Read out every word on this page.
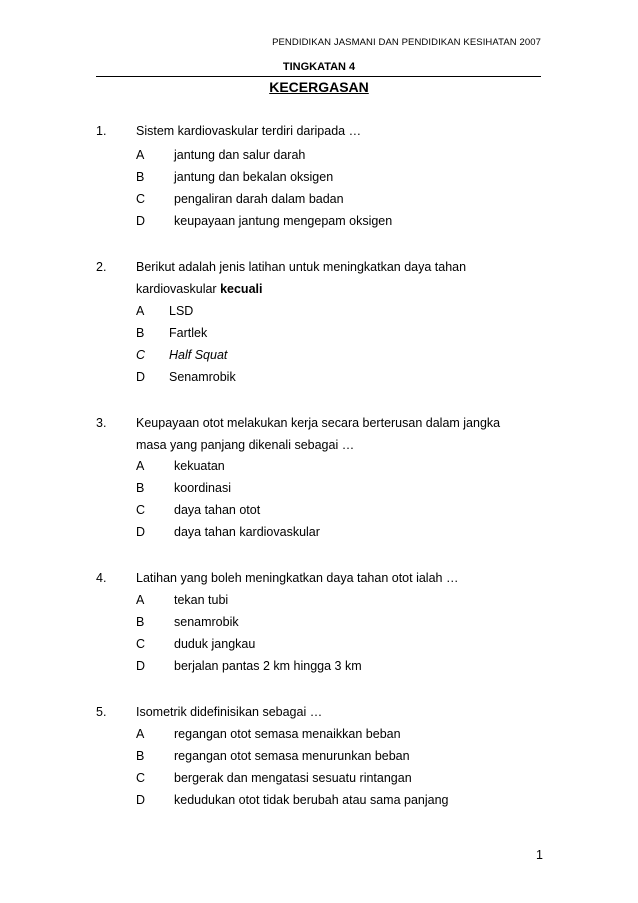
PENDIDIKAN JASMANI DAN PENDIDIKAN KESIHATAN 2007
TINGKATAN 4
KECERGASAN
1. Sistem kardiovaskular terdiri daripada …
A jantung dan salur darah
B jantung dan bekalan oksigen
C pengaliran darah dalam badan
D keupayaan jantung mengepam oksigen
2. Berikut adalah jenis latihan untuk meningkatkan daya tahan
kardiovaskular kecuali
A LSD
B Fartlek
C Half Squat
D Senamrobik
3. Keupayaan otot melakukan kerja secara berterusan dalam jangka
masa yang panjang dikenali sebagai …
A kekuatan
B koordinasi
C daya tahan otot
D daya tahan kardiovaskular
4. Latihan yang boleh meningkatkan daya tahan otot ialah …
A tekan tubi
B senamrobik
C duduk jangkau
D berjalan pantas 2 km hingga 3 km
5. Isometrik didefinisikan sebagai …
A regangan otot semasa menaikkan beban
B regangan otot semasa menurunkan beban
C bergerak dan mengatasi sesuatu rintangan
D kedudukan otot tidak berubah atau sama panjang
1
